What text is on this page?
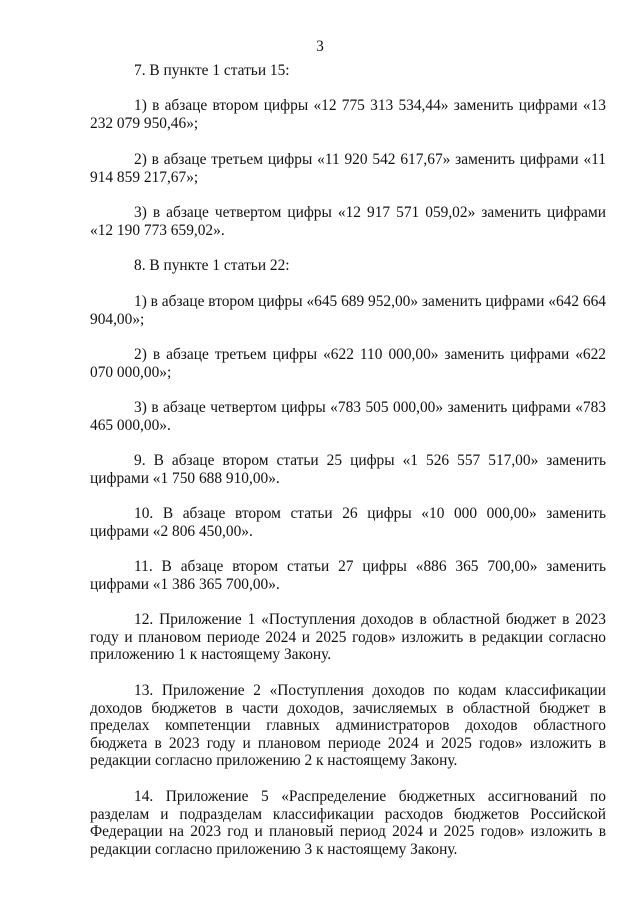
3

7. В пункте 1 статьи 15:

1) в абзаце втором цифры «12 775 313 534,44» заменить цифрами «13 232 079 950,46»;

2) в абзаце третьем цифры «11 920 542 617,67» заменить цифрами «11 914 859 217,67»;

3) в абзаце четвертом цифры «12 917 571 059,02» заменить цифрами «12 190 773 659,02».

8. В пункте 1 статьи 22:

1) в абзаце втором цифры «645 689 952,00» заменить цифрами «642 664 904,00»;

2) в абзаце третьем цифры «622 110 000,00» заменить цифрами «622 070 000,00»;

3) в абзаце четвертом цифры «783 505 000,00» заменить цифрами «783 465 000,00».

9. В абзаце втором статьи 25 цифры «1 526 557 517,00» заменить цифрами «1 750 688 910,00».

10. В абзаце втором статьи 26 цифры «10 000 000,00» заменить цифрами «2 806 450,00».

11. В абзаце втором статьи 27 цифры «886 365 700,00» заменить цифрами «1 386 365 700,00».

12. Приложение 1 «Поступления доходов в областной бюджет в 2023 году и плановом периоде 2024 и 2025 годов» изложить в редакции согласно приложению 1 к настоящему Закону.

13. Приложение 2 «Поступления доходов по кодам классификации доходов бюджетов в части доходов, зачисляемых в областной бюджет в пределах компетенции главных администраторов доходов областного бюджета в 2023 году и плановом периоде 2024 и 2025 годов» изложить в редакции согласно приложению 2 к настоящему Закону.

14. Приложение 5 «Распределение бюджетных ассигнований по разделам и подразделам классификации расходов бюджетов Российской Федерации на 2023 год и плановый период 2024 и 2025 годов» изложить в редакции согласно приложению 3 к настоящему Закону.
